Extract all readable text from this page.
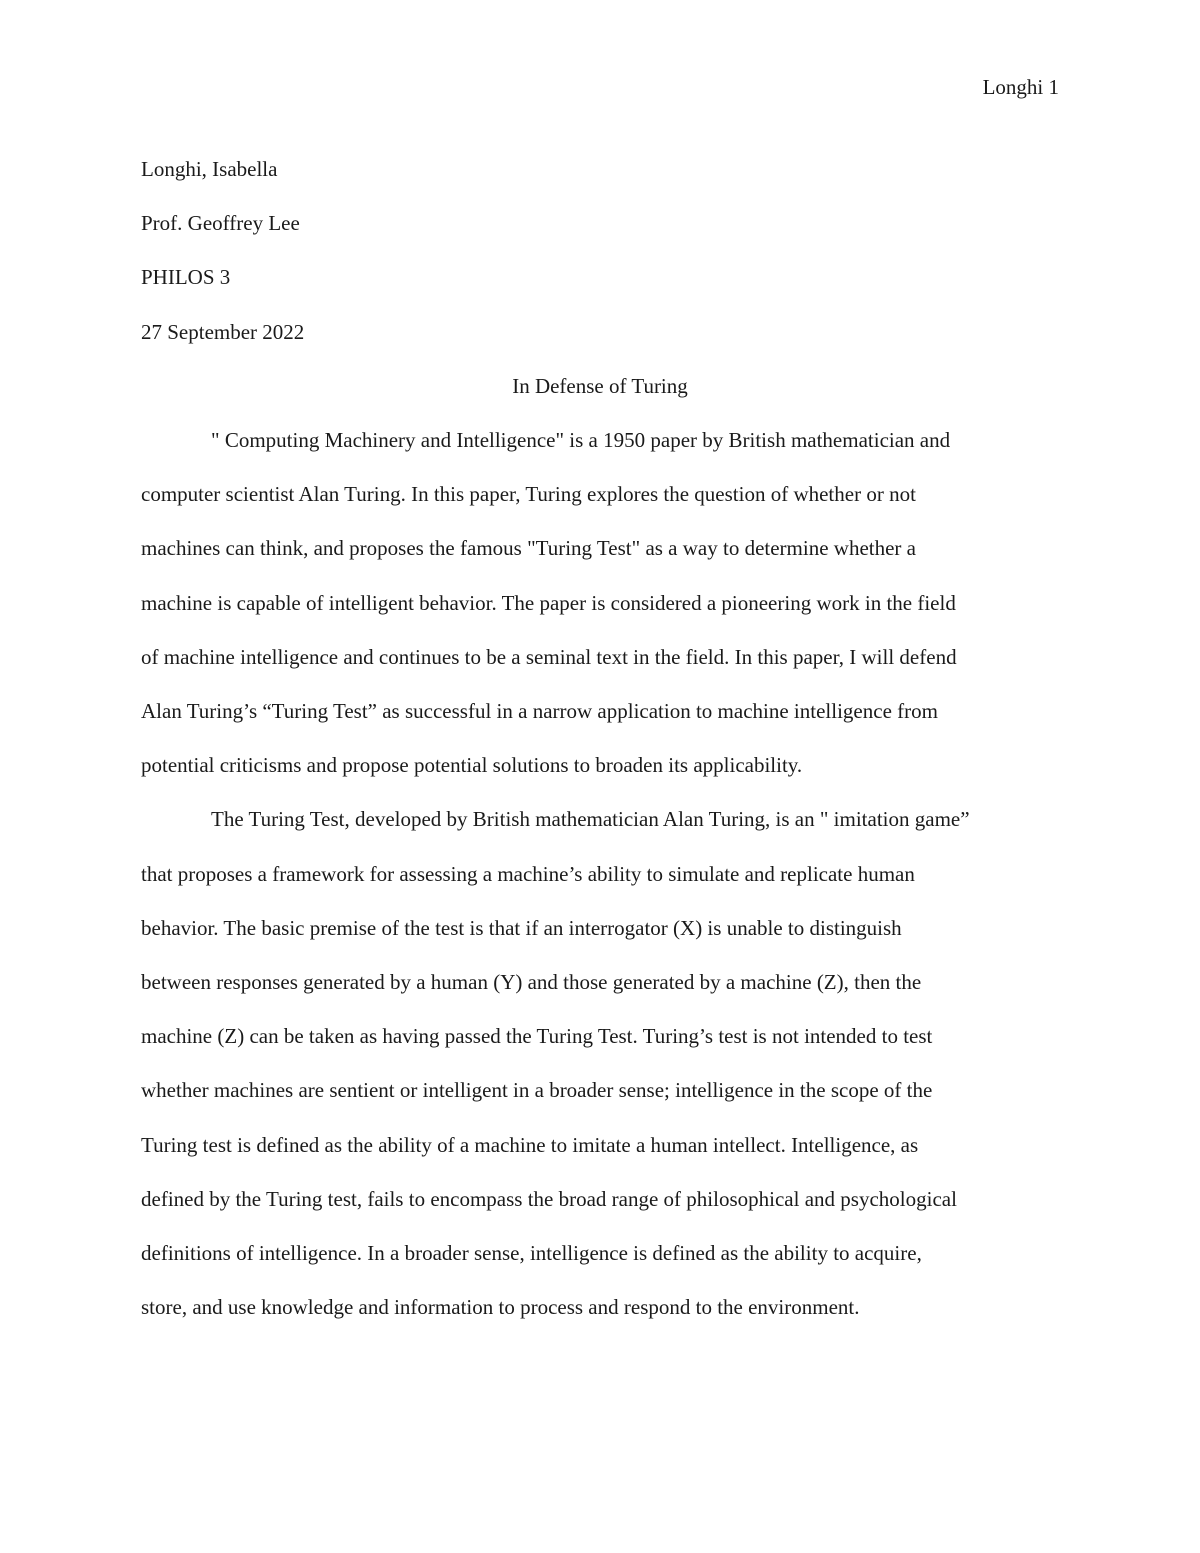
Longhi 1

Longhi, Isabella

Prof. Geoffrey Lee

PHILOS 3

27 September 2022

In Defense of Turing

" Computing Machinery and Intelligence" is a 1950 paper by British mathematician and

computer scientist Alan Turing. In this paper, Turing explores the question of whether or not

machines can think, and proposes the famous "Turing Test" as a way to determine whether a

machine is capable of intelligent behavior. The paper is considered a pioneering work in the field

of machine intelligence and continues to be a seminal text in the field. In this paper, I will defend

Alan Turing’s “Turing Test” as successful in a narrow application to machine intelligence from

potential criticisms and propose potential solutions to broaden its applicability.

The Turing Test, developed by British mathematician Alan Turing, is an " imitation game”

that proposes a framework for assessing a machine’s ability to simulate and replicate human

behavior. The basic premise of the test is that if an interrogator (X) is unable to distinguish

between responses generated by a human (Y) and those generated by a machine (Z), then the

machine (Z) can be taken as having passed the Turing Test. Turing’s test is not intended to test

whether machines are sentient or intelligent in a broader sense; intelligence in the scope of the

Turing test is defined as the ability of a machine to imitate a human intellect. Intelligence, as

defined by the Turing test, fails to encompass the broad range of philosophical and psychological

definitions of intelligence. In a broader sense, intelligence is defined as the ability to acquire,

store, and use knowledge and information to process and respond to the environment.
